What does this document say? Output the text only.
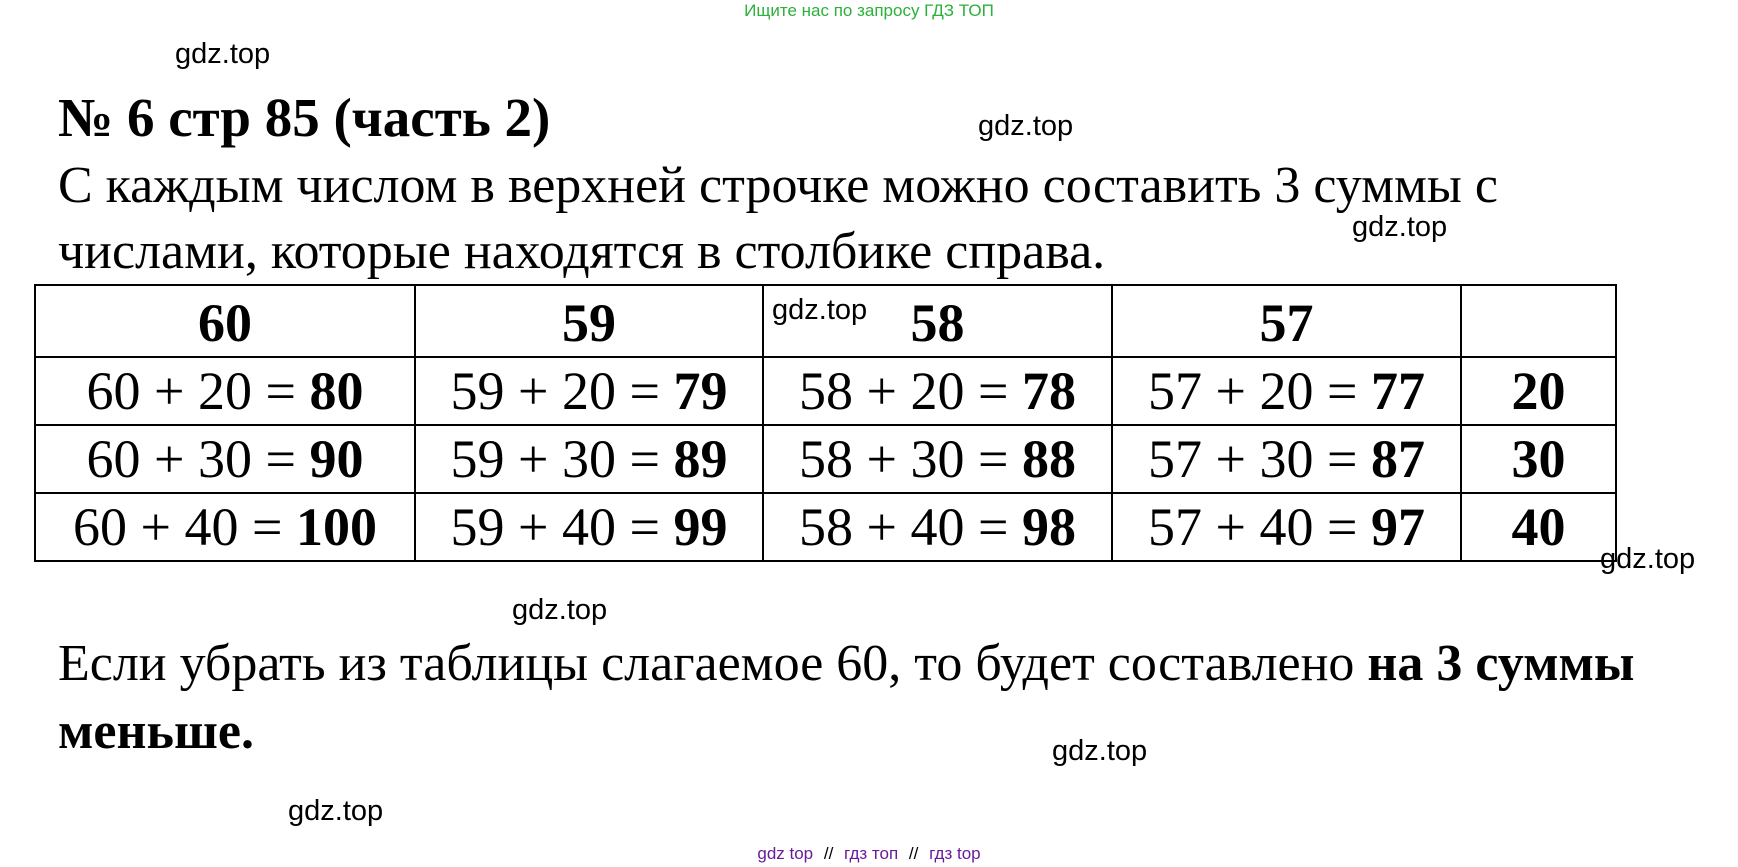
Ищите нас по запросу ГДЗ ТОП
gdz.top
gdz.top
gdz.top
gdz.top
gdz.top
gdz.top
gdz.top
gdz.top
№ 6 стр 85 (часть 2)
С каждым числом в верхней строчке можно составить 3 суммы с
числами, которые находятся в столбике справа.
60	59	58	57	
60 + 20 = 80	59 + 20 = 79	58 + 20 = 78	57 + 20 = 77	20
60 + 30 = 90	59 + 30 = 89	58 + 30 = 88	57 + 30 = 87	30
60 + 40 = 100	59 + 40 = 99	58 + 40 = 98	57 + 40 = 97	40
Если убрать из таблицы слагаемое 60, то будет составлено на 3 суммы меньше.
gdz top // гдз топ // гдз top
